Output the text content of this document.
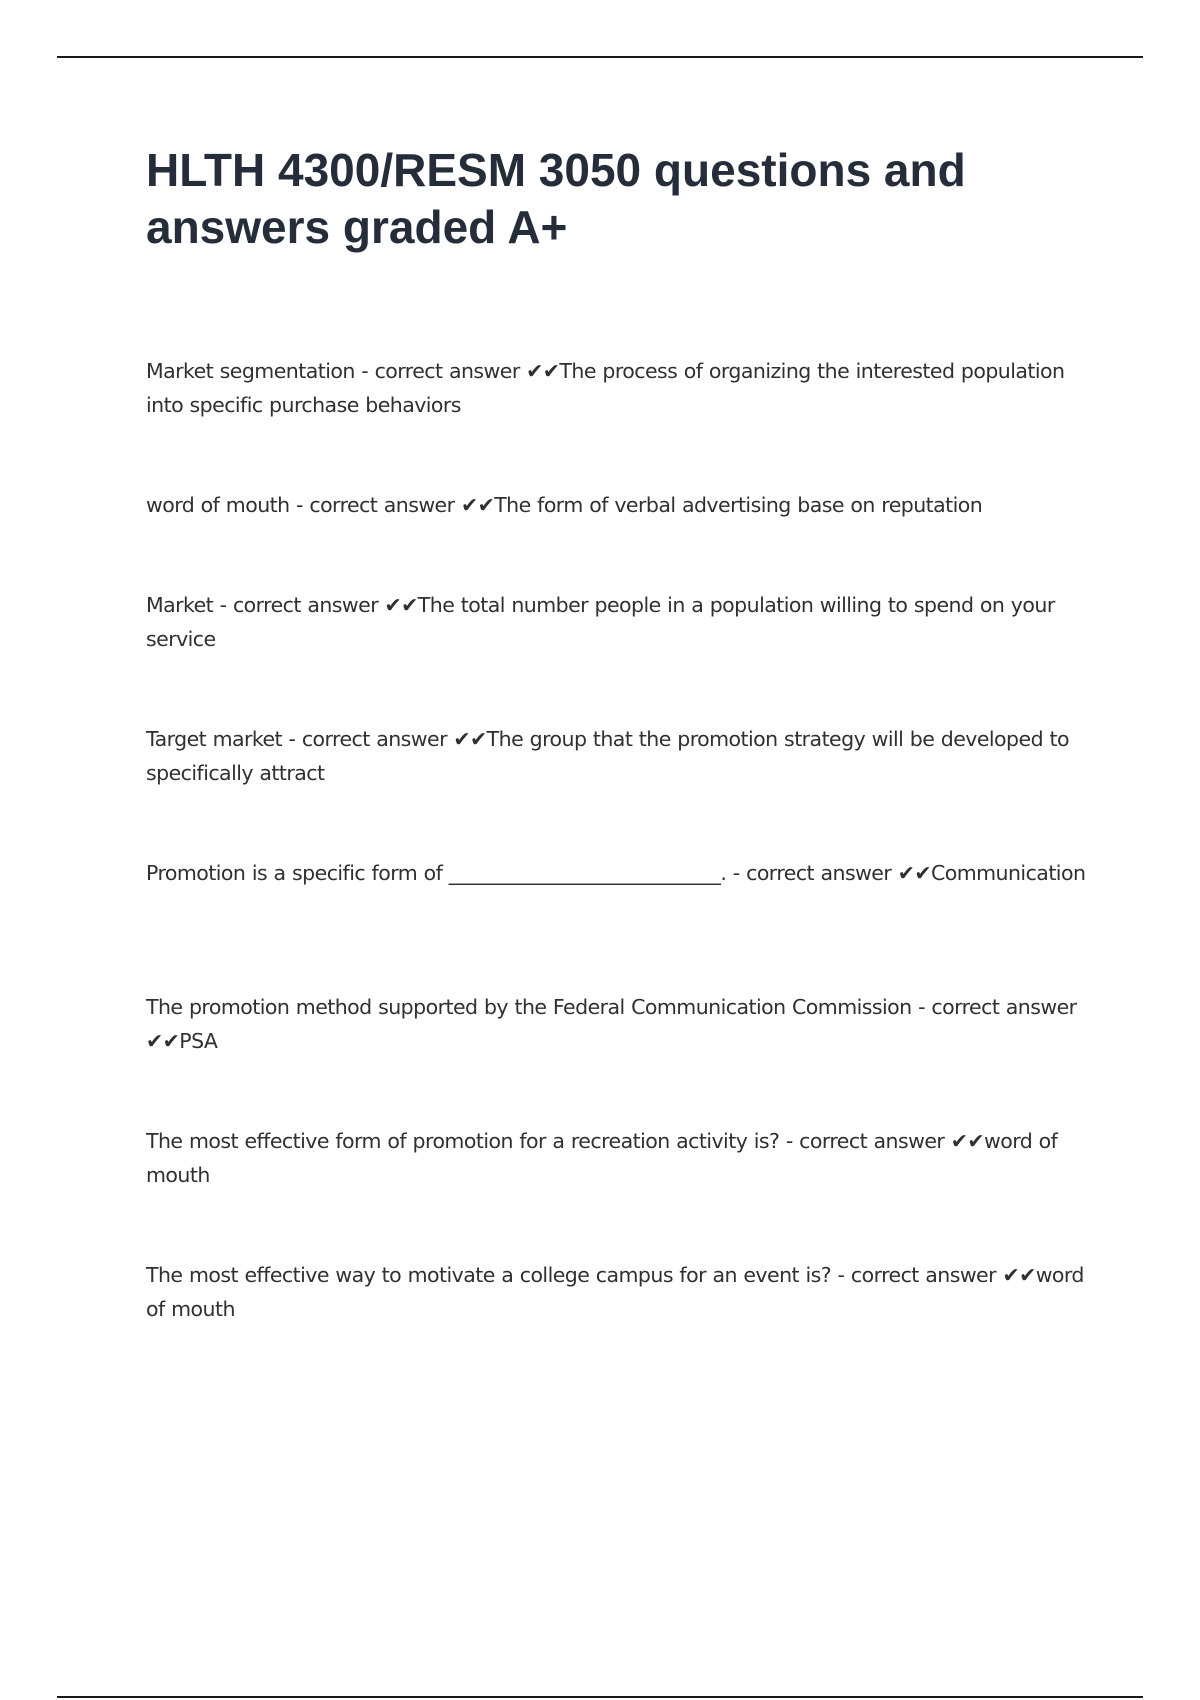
HLTH 4300/RESM 3050 questions and answers graded A+
Market segmentation - correct answer ✔✔The process of organizing the interested population into specific purchase behaviors
word of mouth - correct answer ✔✔The form of verbal advertising base on reputation
Market - correct answer ✔✔The total number people in a population willing to spend on your service
Target market - correct answer ✔✔The group that the promotion strategy will be developed to specifically attract
Promotion is a specific form of ____________________________. - correct answer ✔✔Communication
The promotion method supported by the Federal Communication Commission - correct answer ✔✔PSA
The most effective form of promotion for a recreation activity is? - correct answer ✔✔word of mouth
The most effective way to motivate a college campus for an event is? - correct answer ✔✔word of mouth
